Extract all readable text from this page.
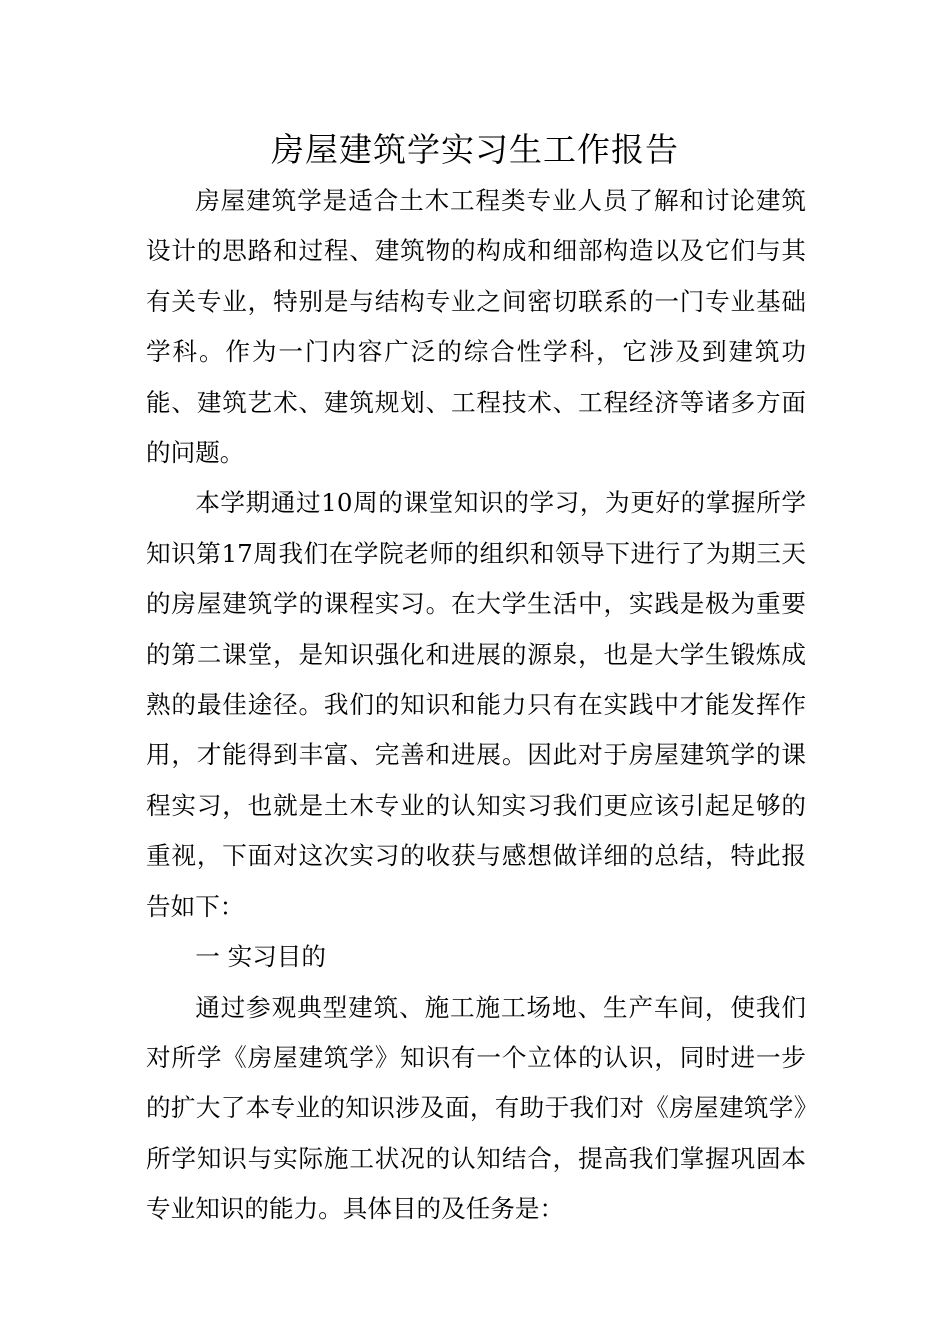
房屋建筑学实习生工作报告

房屋建筑学是适合土木工程类专业人员了解和讨论建筑设计的思路和过程、建筑物的构成和细部构造以及它们与其有关专业，特别是与结构专业之间密切联系的一门专业基础学科。作为一门内容广泛的综合性学科，它涉及到建筑功能、建筑艺术、建筑规划、工程技术、工程经济等诸多方面的问题。

本学期通过10周的课堂知识的学习，为更好的掌握所学知识第17周我们在学院老师的组织和领导下进行了为期三天的房屋建筑学的课程实习。在大学生活中，实践是极为重要的第二课堂，是知识强化和进展的源泉，也是大学生锻炼成熟的最佳途径。我们的知识和能力只有在实践中才能发挥作用，才能得到丰富、完善和进展。因此对于房屋建筑学的课程实习，也就是土木专业的认知实习我们更应该引起足够的重视，下面对这次实习的收获与感想做详细的总结，特此报告如下：

一 实习目的

通过参观典型建筑、施工施工场地、生产车间，使我们对所学《房屋建筑学》知识有一个立体的认识，同时进一步的扩大了本专业的知识涉及面，有助于我们对《房屋建筑学》所学知识与实际施工状况的认知结合，提高我们掌握巩固本专业知识的能力。具体目的及任务是：
